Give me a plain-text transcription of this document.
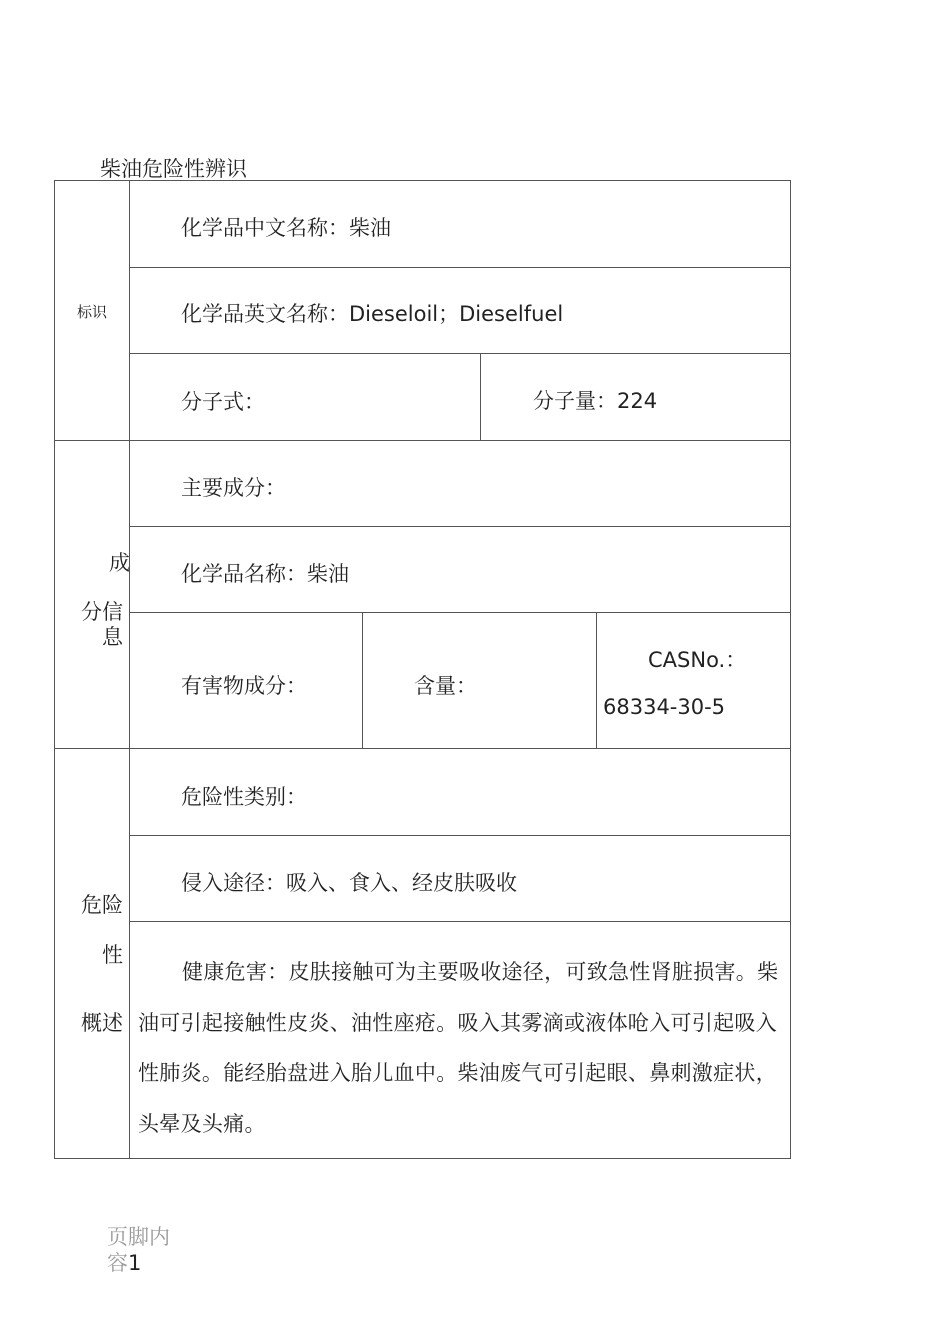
柴油危险性辨识
标识
化学品中文名称：柴油
化学品英文名称：Dieseloil；Dieselfuel
分子式：	分子量：224
成
分信
息
主要成分：
化学品名称：柴油
有害物成分：	含量：
CASNo.：
68334-30-5
危险
性
概述
危险性类别：
侵入途径：吸入、食入、经皮肤吸收
健康危害：皮肤接触可为主要吸收途径，可致急性肾脏损害。柴油可引起接触性皮炎、油性座疮。吸入其雾滴或液体呛入可引起吸入性肺炎。能经胎盘进入胎儿血中。柴油废气可引起眼、鼻刺激症状，头晕及头痛。
页脚内容1
